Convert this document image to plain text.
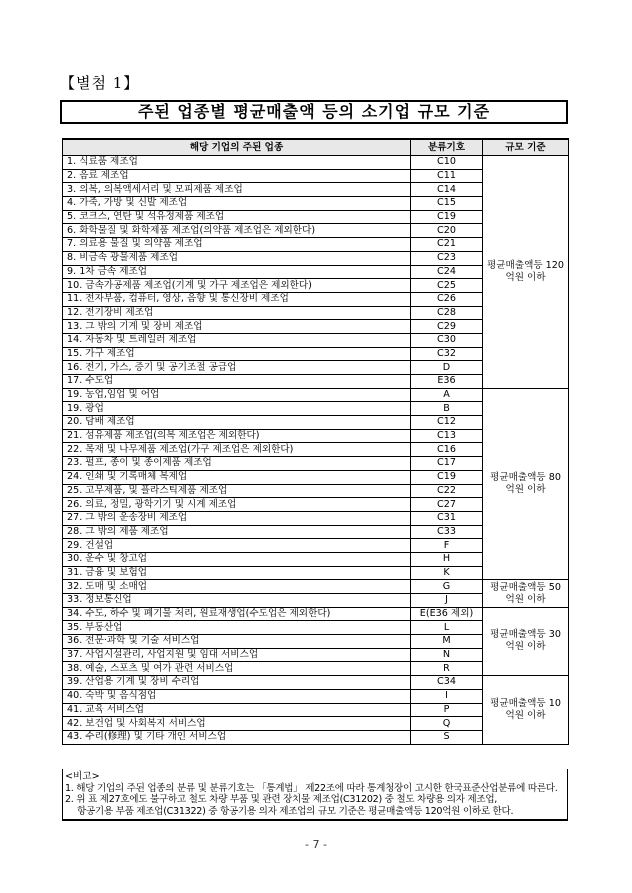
【별첨 1】
주된 업종별 평균매출액 등의 소기업 규모 기준
해당 기업의 주된 업종	분류기호	규모 기준
1. 식료품 제조업	C10	평균매출액등 120억원 이하
2. 음료 제조업	C11	
3. 의복, 의복액세서리 및 모피제품 제조업	C14	
4. 가죽, 가방 및 신발 제조업	C15	
5. 코크스, 연탄 및 석유정제품 제조업	C19	
6. 화학물질 및 화학제품 제조업(의약품 제조업은 제외한다)	C20	
7. 의료용 물질 및 의약품 제조업	C21	
8. 비금속 광물제품 제조업	C23	
9. 1차 금속 제조업	C24	
10. 금속가공제품 제조업(기계 및 가구 제조업은 제외한다)	C25	
11. 전자부품, 컴퓨터, 영상, 음향 및 통신장비 제조업	C26	
12. 전기장비 제조업	C28	
13. 그 밖의 기계 및 장비 제조업	C29	
14. 자동차 및 트레일러 제조업	C30	
15. 가구 제조업	C32	
16. 전기, 가스, 증기 및 공기조절 공급업	D	
17. 수도업	E36	
19. 농업,임업 및 어업	A	평균매출액등 80억원 이하
19. 광업	B	
20. 담배 제조업	C12	
21. 섬유제품 제조업(의복 제조업은 제외한다)	C13	
22. 목재 및 나무제품 제조업(가구 제조업은 제외한다)	C16	
23. 펄프, 종이 및 종이제품 제조업	C17	
24. 인쇄 및 기록매체 복제업	C19	
25. 고무제품, 및 플라스틱제품 제조업	C22	
26. 의료, 정밀, 광학기기 및 시계 제조업	C27	
27. 그 밖의 운송장비 제조업	C31	
28. 그 밖의 제품 제조업	C33	
29. 건설업	F	
30. 운수 및 창고업	H	
31. 금융 및 보험업	K	
32. 도매 및 소매업	G	평균매출액등 50억원 이하
33. 정보통신업	J	
34. 수도, 하수 및 폐기물 처리, 원료재생업(수도업은 제외한다)	E(E36 제외)	평균매출액등 30억원 이하
35. 부동산업	L	
36. 전문·과학 및 기술 서비스업	M	
37. 사업시설관리, 사업지원 및 임대 서비스업	N	
38. 예술, 스포츠 및 여가 관련 서비스업	R	
39. 산업용 기계 및 장비 수리업	C34	평균매출액등 10억원 이하
40. 숙박 및 음식점업	I	
41. 교육 서비스업	P	
42. 보건업 및 사회복지 서비스업	Q	
43. 수리(修理) 및 기타 개인 서비스업	S	
<비고>
1. 해당 기업의 주된 업종의 분류 및 분류기호는 「통계법」 제22조에 따라 통계청장이 고시한 한국표준산업분류에 따른다.
2. 위 표 제27호에도 불구하고 철도 차량 부품 및 관련 장치물 제조업(C31202) 중 철도 차량용 의자 제조업,
항공기용 부품 제조업(C31322) 중 항공기용 의자 제조업의 규모 기준은 평균매출액등 120억원 이하로 한다.
- 7 -
